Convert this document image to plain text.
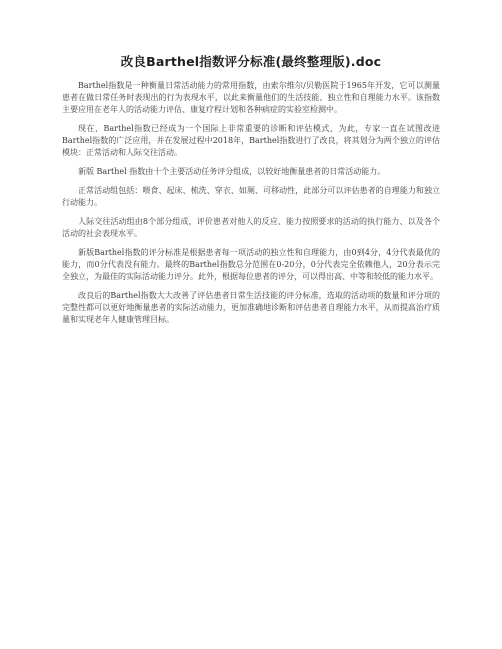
改良Barthel指数评分标准(最终整理版).doc

Barthel指数是一种衡量日常活动能力的常用指数，由索尔维尔/贝勒医院于1965年开发，它可以测量患者在做日常任务时表现出的行为表现水平，以此来衡量他们的生活技能、独立性和自理能力水平。该指数主要应用在老年人的活动能力评估、康复疗程计划和各种病症的实验室检测中。

现在，Barthel指数已经成为一个国际上非常重要的诊断和评估模式，为此，专家一直在试图改进Barthel指数的广泛应用，并在发展过程中2018年，Barthel指数进行了改良，将其划分为两个独立的评估模块：正常活动和人际交往活动。

新版 Barthel 指数由十个主要活动任务评分组成，以较好地衡量患者的日常活动能力。

正常活动组包括：喂食、起床、梳洗、穿衣、如厕、可移动性，此部分可以评估患者的自理能力和独立行动能力。

人际交往活动组由8个部分组成，评价患者对他人的反应、能力按照要求的活动的执行能力、以及各个活动的社会表现水平。

新版Barthel指数的评分标准是根据患者每一项活动的独立性和自理能力，由0到4分，4分代表最优的能力，而0分代表没有能力。最终的Barthel指数总分范围在0-20分，0分代表完全依赖他人，20分表示完全独立，为最佳的实际活动能力评分。此外，根据每位患者的评分，可以得出高、中等和较低的能力水平。

改良后的Barthel指数大大改善了评估患者日常生活技能的评分标准，选取的活动项的数量和评分项的完整性都可以更好地衡量患者的实际活动能力，更加准确地诊断和评估患者自理能力水平，从而提高治疗质量和实现老年人健康管理目标。
